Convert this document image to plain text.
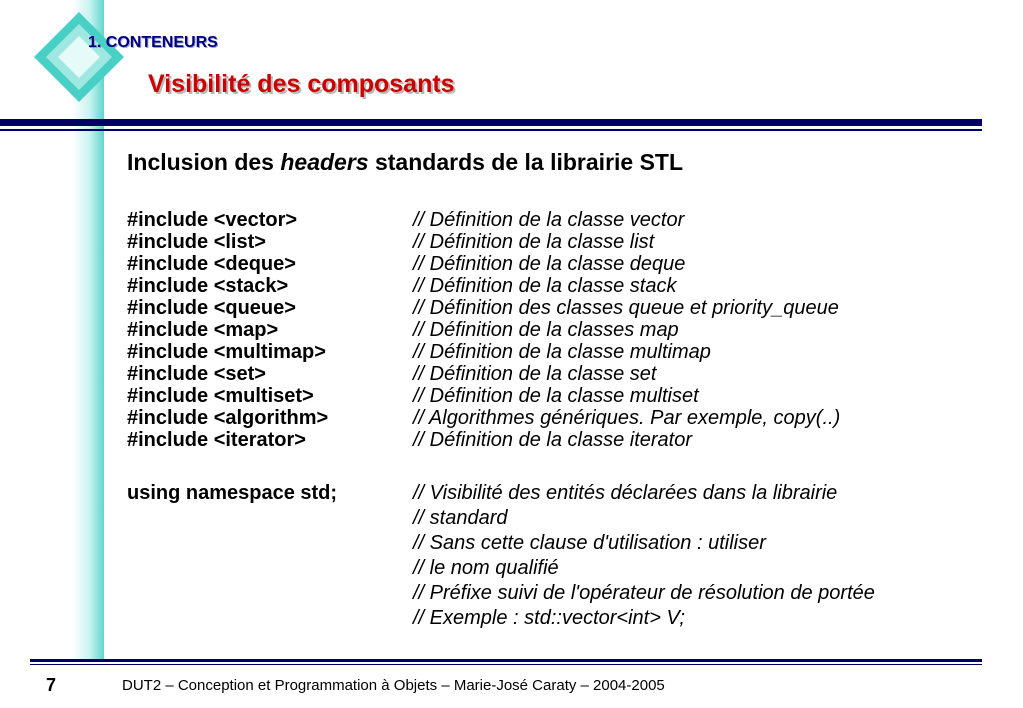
1. CONTENEURS
Visibilité des composants
Inclusion des headers standards de la librairie STL
#include <vector>	// Définition de la classe vector
#include <list>	// Définition de la classe list
#include <deque>	// Définition de la classe deque
#include <stack>	// Définition de la classe stack
#include <queue>	// Définition des classes queue et priority_queue
#include <map>	// Définition de la classes map
#include <multimap>	// Définition de la classe multimap
#include <set>	// Définition de la classe set
#include <multiset>	// Définition de la classe multiset
#include <algorithm>	// Algorithmes génériques. Par exemple, copy(..)
#include <iterator>	// Définition de la classe iterator
using namespace std;	// Visibilité des entités déclarées dans la librairie
// standard
// Sans cette clause d'utilisation : utiliser
// le nom qualifié
// Préfixe suivi de l'opérateur de résolution de portée
// Exemple : std::vector<int> V;
7	DUT2 – Conception et Programmation à Objets – Marie-José Caraty – 2004-2005
